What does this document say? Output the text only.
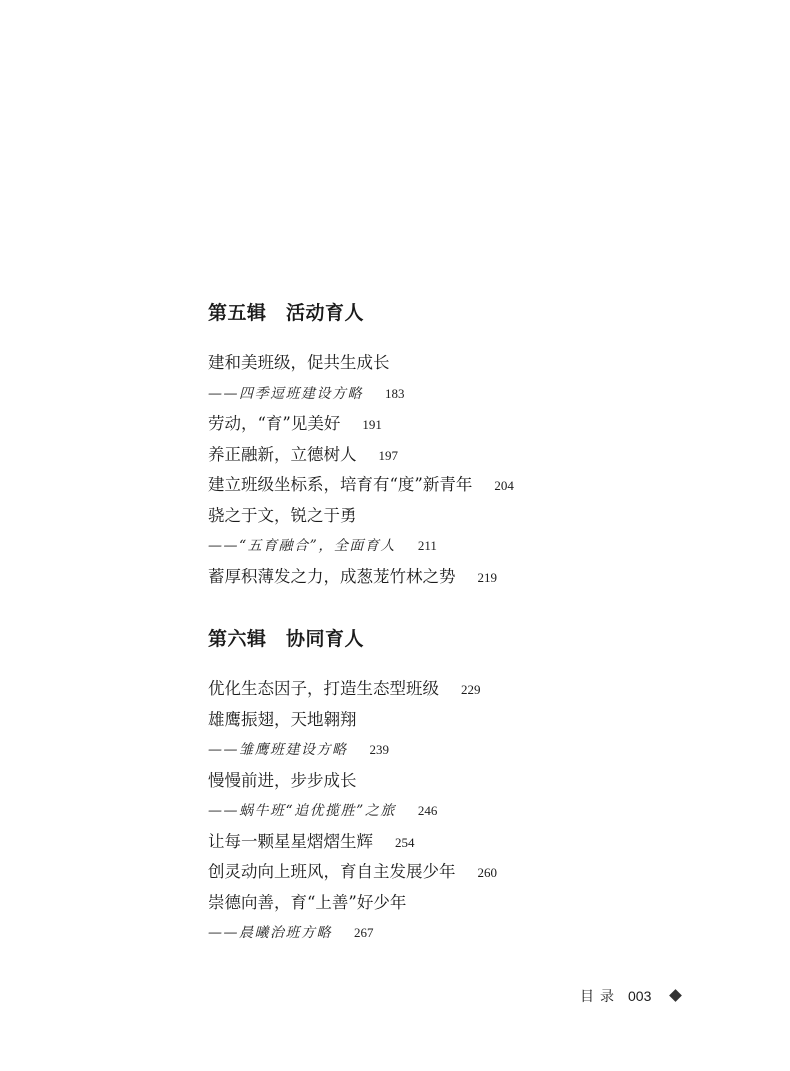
第五辑　活动育人
建和美班级，促共生成长
——四季逗班建设方略 183
劳动，“育”见美好 191
养正融新，立德树人 197
建立班级坐标系，培育有“度”新青年 204
骁之于文，锐之于勇
——“五育融合”，全面育人 211
蓄厚积薄发之力，成葱茏竹林之势 219
第六辑　协同育人
优化生态因子，打造生态型班级 229
雄鹰振翅，天地翱翔
——雏鹰班建设方略 239
慢慢前进，步步成长
——蜗牛班“追优揽胜”之旅 246
让每一颗星星熠熠生辉 254
创灵动向上班风，育自主发展少年 260
崇德向善，育“上善”好少年
——晨曦治班方略 267
目录 003
